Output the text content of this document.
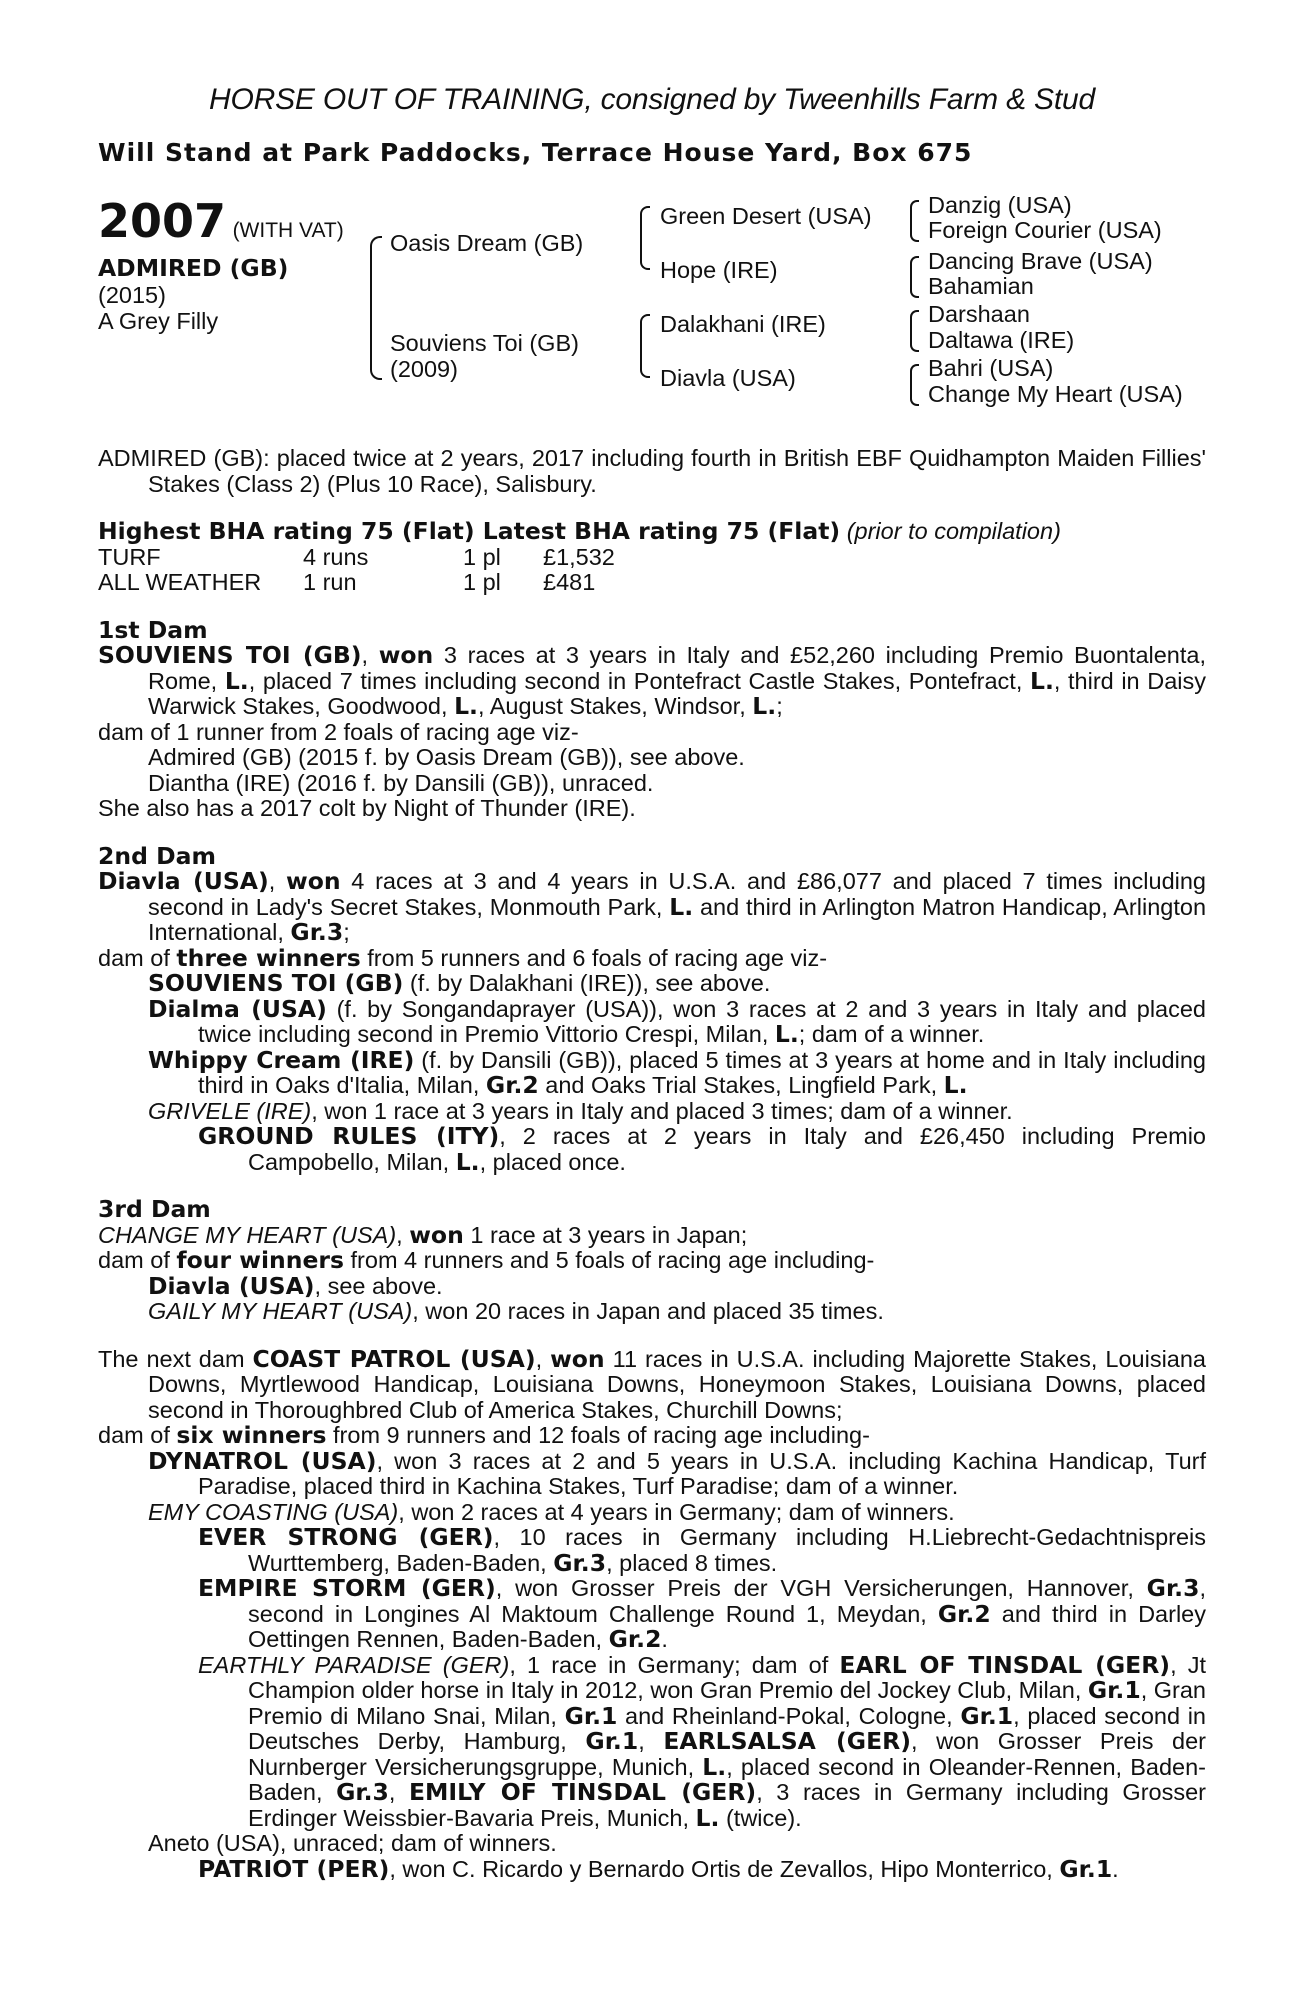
HORSE OUT OF TRAINING, consigned by Tweenhills Farm & Stud
Will Stand at Park Paddocks, Terrace House Yard, Box 675
2007 (WITH VAT)
ADMIRED (GB)
(2015)
A Grey Filly
Oasis Dream (GB)
Souviens Toi (GB)
(2009)
Green Desert (USA)
Hope (IRE)
Dalakhani (IRE)
Diavla (USA)
Danzig (USA)
Foreign Courier (USA)
Dancing Brave (USA)
Bahamian
Darshaan
Daltawa (IRE)
Bahri (USA)
Change My Heart (USA)

ADMIRED (GB): placed twice at 2 years, 2017 including fourth in British EBF Quidhampton Maiden Fillies' Stakes (Class 2) (Plus 10 Race), Salisbury.

Highest BHA rating 75 (Flat) Latest BHA rating 75 (Flat) (prior to compilation)
TURF	4 runs	1 pl	£1,532
ALL WEATHER	1 run	1 pl	£481
1st Dam

SOUVIENS TOI (GB), won 3 races at 3 years in Italy and £52,260 including Premio Buontalenta, Rome, L., placed 7 times including second in Pontefract Castle Stakes, Pontefract, L., third in Daisy Warwick Stakes, Goodwood, L., August Stakes, Windsor, L.;

dam of 1 runner from 2 foals of racing age viz-

Admired (GB) (2015 f. by Oasis Dream (GB)), see above.

Diantha (IRE) (2016 f. by Dansili (GB)), unraced.

She also has a 2017 colt by Night of Thunder (IRE).

2nd Dam

Diavla (USA), won 4 races at 3 and 4 years in U.S.A. and £86,077 and placed 7 times including second in Lady's Secret Stakes, Monmouth Park, L. and third in Arlington Matron Handicap, Arlington International, Gr.3;

dam of three winners from 5 runners and 6 foals of racing age viz-

SOUVIENS TOI (GB) (f. by Dalakhani (IRE)), see above.

Dialma (USA) (f. by Songandaprayer (USA)), won 3 races at 2 and 3 years in Italy and placed twice including second in Premio Vittorio Crespi, Milan, L.; dam of a winner.

Whippy Cream (IRE) (f. by Dansili (GB)), placed 5 times at 3 years at home and in Italy including third in Oaks d'Italia, Milan, Gr.2 and Oaks Trial Stakes, Lingfield Park, L.

GRIVELE (IRE), won 1 race at 3 years in Italy and placed 3 times; dam of a winner.

GROUND RULES (ITY), 2 races at 2 years in Italy and £26,450 including Premio Campobello, Milan, L., placed once.

3rd Dam

CHANGE MY HEART (USA), won 1 race at 3 years in Japan;

dam of four winners from 4 runners and 5 foals of racing age including-

Diavla (USA), see above.

GAILY MY HEART (USA), won 20 races in Japan and placed 35 times.

The next dam COAST PATROL (USA), won 11 races in U.S.A. including Majorette Stakes, Louisiana Downs, Myrtlewood Handicap, Louisiana Downs, Honeymoon Stakes, Louisiana Downs, placed second in Thoroughbred Club of America Stakes, Churchill Downs;

dam of six winners from 9 runners and 12 foals of racing age including-

DYNATROL (USA), won 3 races at 2 and 5 years in U.S.A. including Kachina Handicap, Turf Paradise, placed third in Kachina Stakes, Turf Paradise; dam of a winner.

EMY COASTING (USA), won 2 races at 4 years in Germany; dam of winners.

EVER STRONG (GER), 10 races in Germany including H.Liebrecht-Gedachtnispreis Wurttemberg, Baden-Baden, Gr.3, placed 8 times.

EMPIRE STORM (GER), won Grosser Preis der VGH Versicherungen, Hannover, Gr.3, second in Longines Al Maktoum Challenge Round 1, Meydan, Gr.2 and third in Darley Oettingen Rennen, Baden-Baden, Gr.2.

EARTHLY PARADISE (GER), 1 race in Germany; dam of EARL OF TINSDAL (GER), Jt Champion older horse in Italy in 2012, won Gran Premio del Jockey Club, Milan, Gr.1, Gran Premio di Milano Snai, Milan, Gr.1 and Rheinland-Pokal, Cologne, Gr.1, placed second in Deutsches Derby, Hamburg, Gr.1, EARLSALSA (GER), won Grosser Preis der Nurnberger Versicherungsgruppe, Munich, L., placed second in Oleander-Rennen, Baden-Baden, Gr.3, EMILY OF TINSDAL (GER), 3 races in Germany including Grosser Erdinger Weissbier-Bavaria Preis, Munich, L. (twice).

Aneto (USA), unraced; dam of winners.

PATRIOT (PER), won C. Ricardo y Bernardo Ortis de Zevallos, Hipo Monterrico, Gr.1.
